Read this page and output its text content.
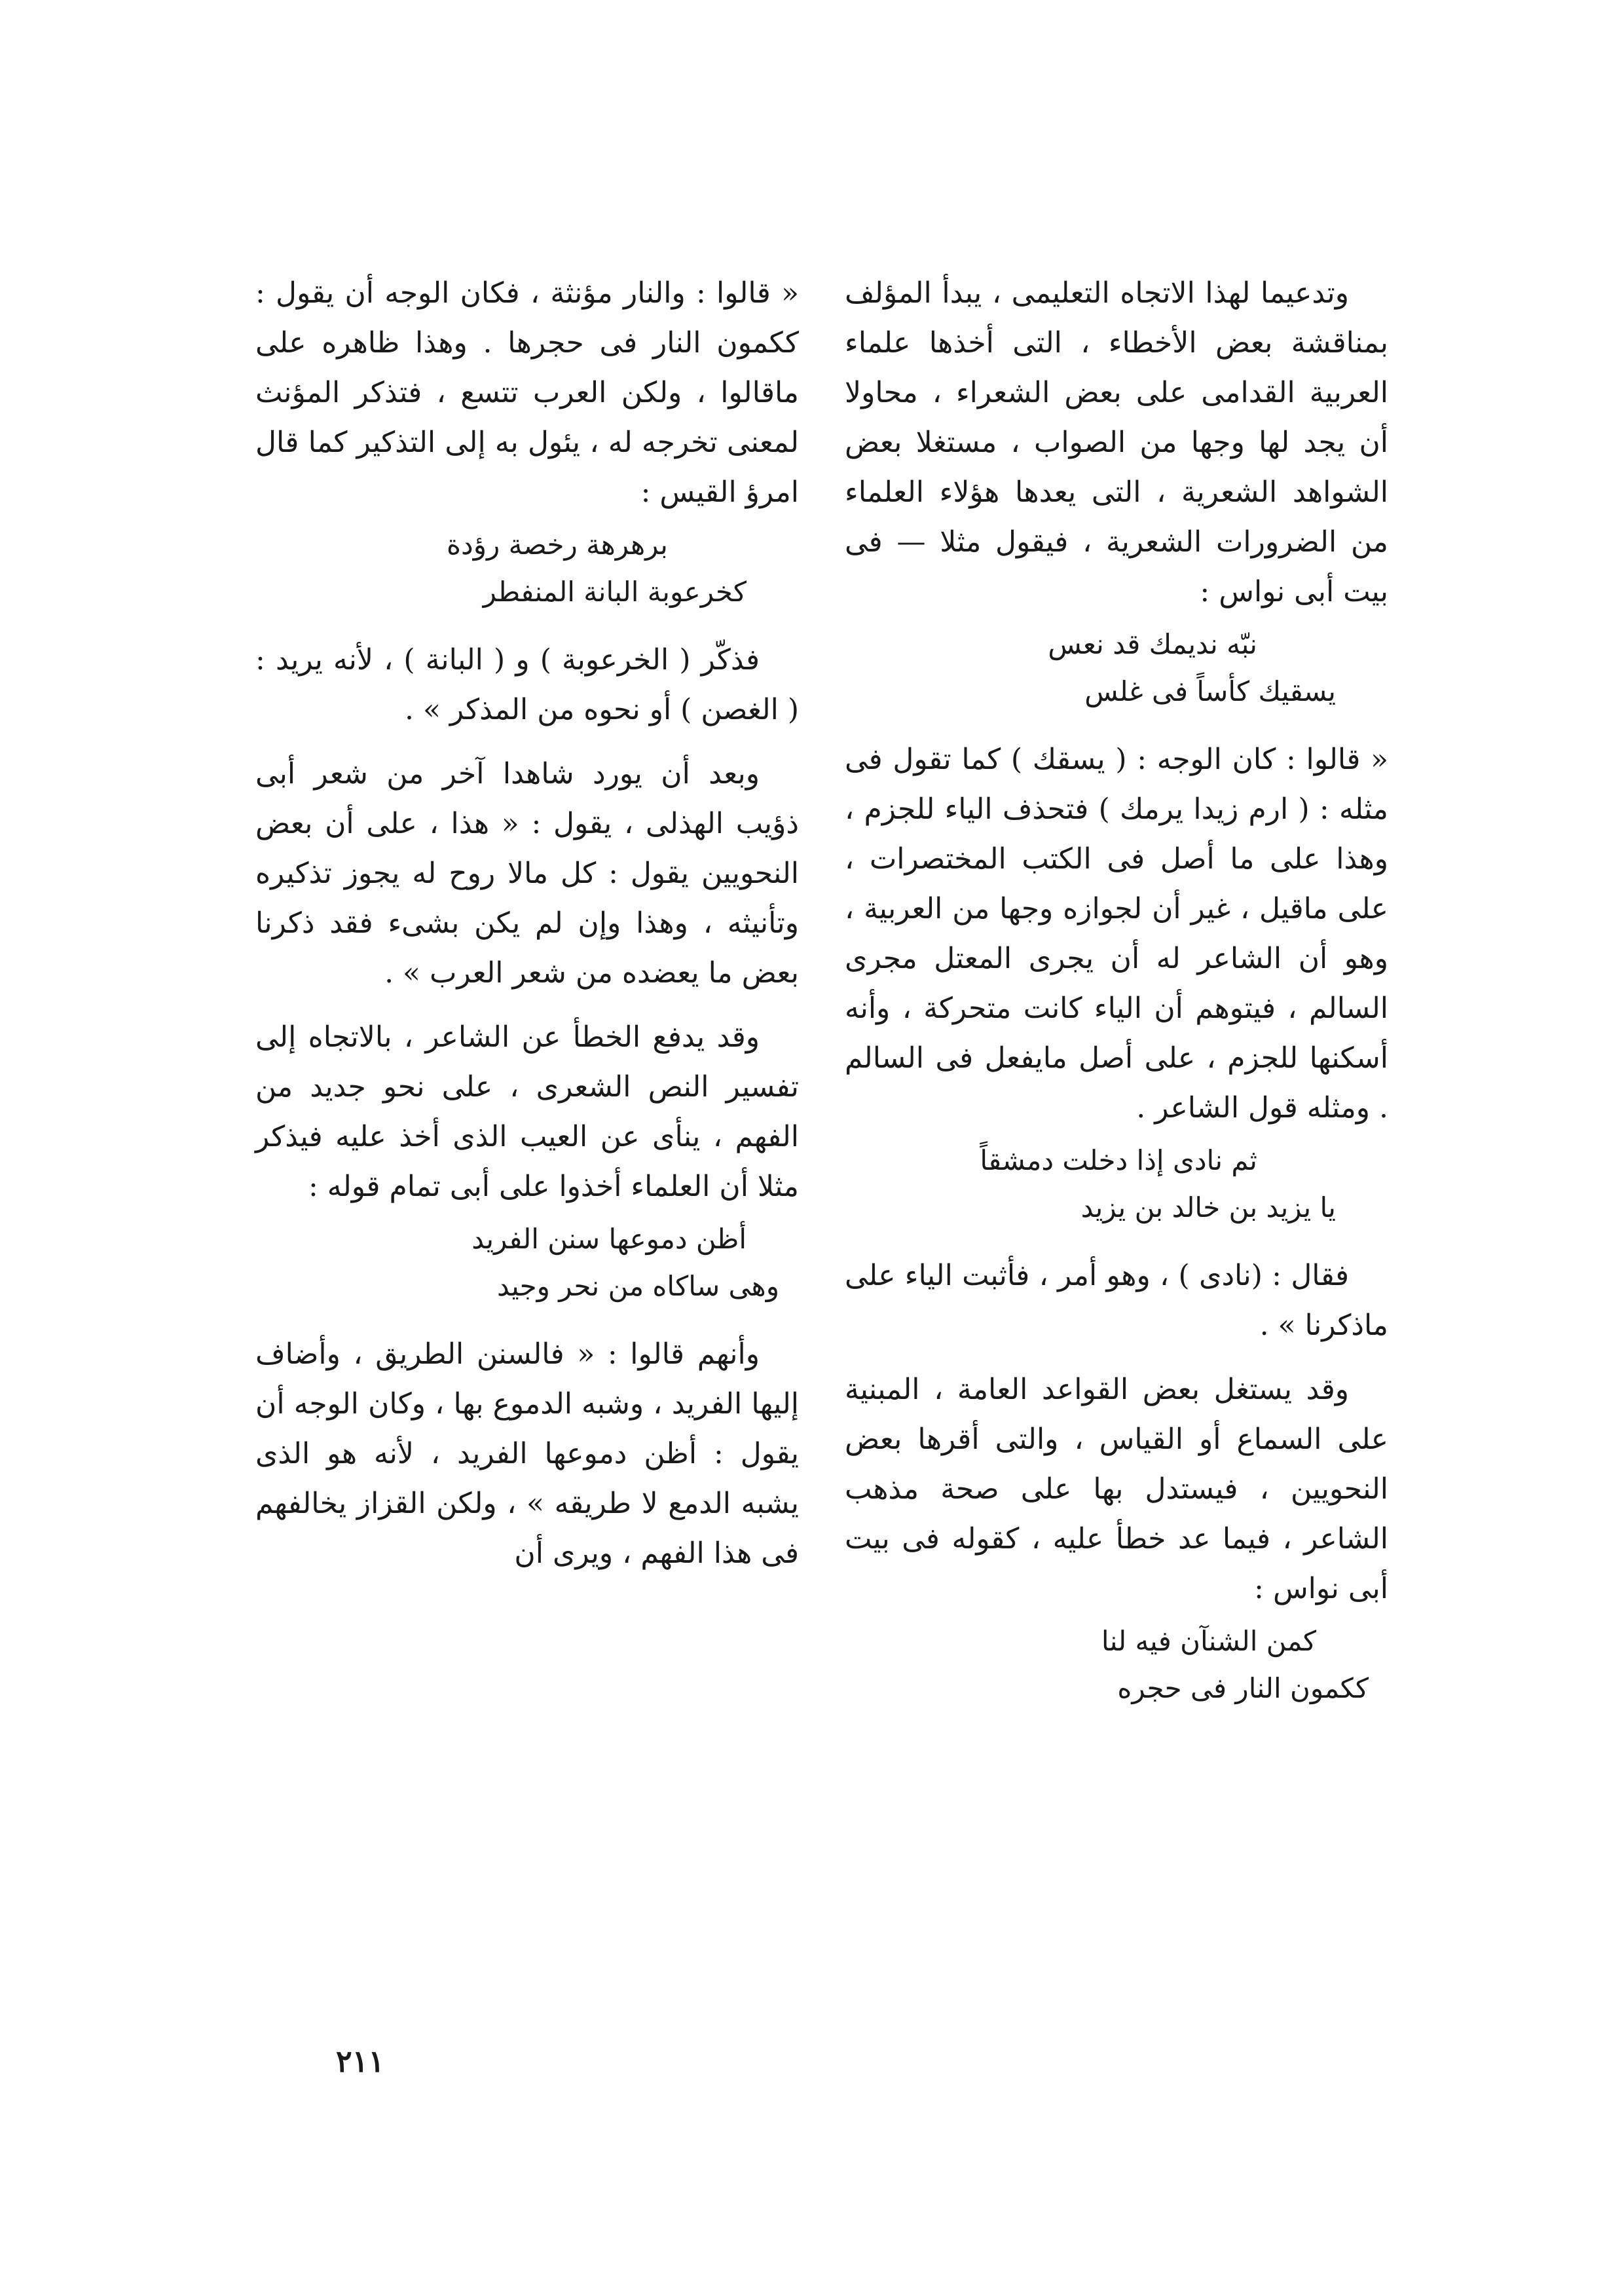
وتدعيما لهذا الاتجاه التعليمى ، يبدأ المؤلف بمناقشة بعض الأخطاء ، التى أخذها علماء العربية القدامى على بعض الشعراء ، محاولا أن يجد لها وجها من الصواب ، مستغلا بعض الشواهد الشعرية ، التى يعدها هؤلاء العلماء من الضرورات الشعرية ، فيقول مثلا — فى بيت أبى نواس :

نبّه نديمك قد نعس
يسقيك كأساً فى غلس

« قالوا : كان الوجه : ( يسقك ) كما تقول فى مثله : ( ارم زيدا يرمك ) فتحذف الياء للجزم ، وهذا على ما أصل فى الكتب المختصرات ، على ماقيل ، غير أن لجوازه وجها من العربية ، وهو أن الشاعر له أن يجرى المعتل مجرى السالم ، فيتوهم أن الياء كانت متحركة ، وأنه أسكنها للجزم ، على أصل مايفعل فى السالم . ومثله قول الشاعر .

ثم نادى إذا دخلت دمشقاً
يا يزيد بن خالد بن يزيد

فقال : (نادى ) ، وهو أمر ، فأثبت الياء على ماذكرنا » .

وقد يستغل بعض القواعد العامة ، المبنية على السماع أو القياس ، والتى أقرها بعض النحويين ، فيستدل بها على صحة مذهب الشاعر ، فيما عد خطأ عليه ، كقوله فى بيت أبى نواس :

كمن الشنآن فيه لنا
ككمون النار فى حجره

« قالوا : والنار مؤنثة ، فكان الوجه أن يقول : ككمون النار فى حجرها . وهذا ظاهره على ماقالوا ، ولكن العرب تتسع ، فتذكر المؤنث لمعنى تخرجه له ، يئول به إلى التذكير كما قال امرؤ القيس :

برهرهة رخصة رؤدة
كخرعوبة البانة المنفطر

فذكّر ( الخرعوبة ) و ( البانة ) ، لأنه يريد : ( الغصن ) أو نحوه من المذكر » .

وبعد أن يورد شاهدا آخر من شعر أبى ذؤيب الهذلى ، يقول : « هذا ، على أن بعض النحويين يقول : كل مالا روح له يجوز تذكيره وتأنيثه ، وهذا وإن لم يكن بشىء فقد ذكرنا بعض ما يعضده من شعر العرب » .

وقد يدفع الخطأ عن الشاعر ، بالاتجاه إلى تفسير النص الشعرى ، على نحو جديد من الفهم ، ينأى عن العيب الذى أخذ عليه فيذكر مثلا أن العلماء أخذوا على أبى تمام قوله :

أظن دموعها سنن الفريد
وهى ساكاه من نحر وجيد

وأنهم قالوا : « فالسنن الطريق ، وأضاف إليها الفريد ، وشبه الدموع بها ، وكان الوجه أن يقول : أظن دموعها الفريد ، لأنه هو الذى يشبه الدمع لا طريقه » ، ولكن القزاز يخالفهم فى هذا الفهم ، ويرى أن

٢١١
